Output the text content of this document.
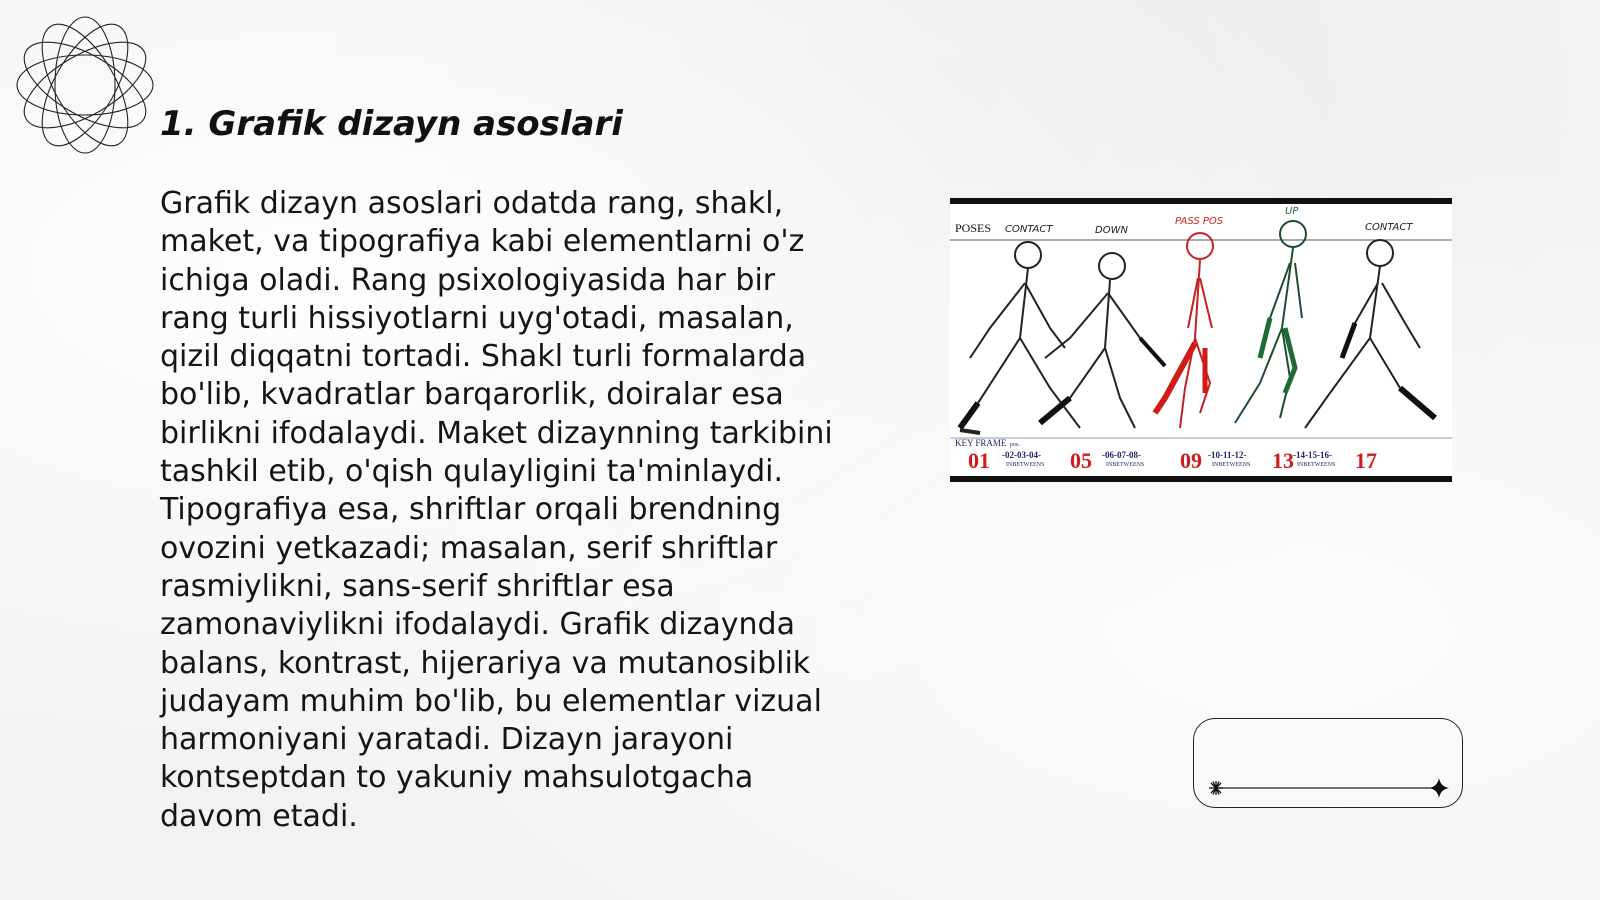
1. Grafik dizayn asoslari

Grafik dizayn asoslari odatda rang, shakl, maket, va tipografiya kabi elementlarni o'z ichiga oladi. Rang psixologiyasida har bir rang turli hissiyotlarni uyg'otadi, masalan, qizil diqqatni tortadi. Shakl turli formalarda bo'lib, kvadratlar barqarorlik, doiralar esa birlikni ifodalaydi. Maket dizaynning tarkibini tashkil etib, o'qish qulayligini ta'minlaydi. Tipografiya esa, shriftlar orqali brendning ovozini yetkazadi; masalan, serif shriftlar rasmiylikni, sans-serif shriftlar esa zamonaviylikni ifodalaydi. Grafik dizaynda balans, kontrast, hijerariya va mutanosiblik judayam muhim bo'lib, bu elementlar vizual harmoniyani yaratadi. Dizayn jarayoni kontseptdan to yakuniy mahsulotgacha davom etadi.

POSES CONTACT	DOWN
PASS POS
UP
CONTACT
KEY FRAME pos.
01	05	09	13	17
-02-03-04-	-06-07-08-	-10-11-12-	-14-15-16-
INBETWEENS	INBETWEENS	INBETWEENS	INBETWEENS
